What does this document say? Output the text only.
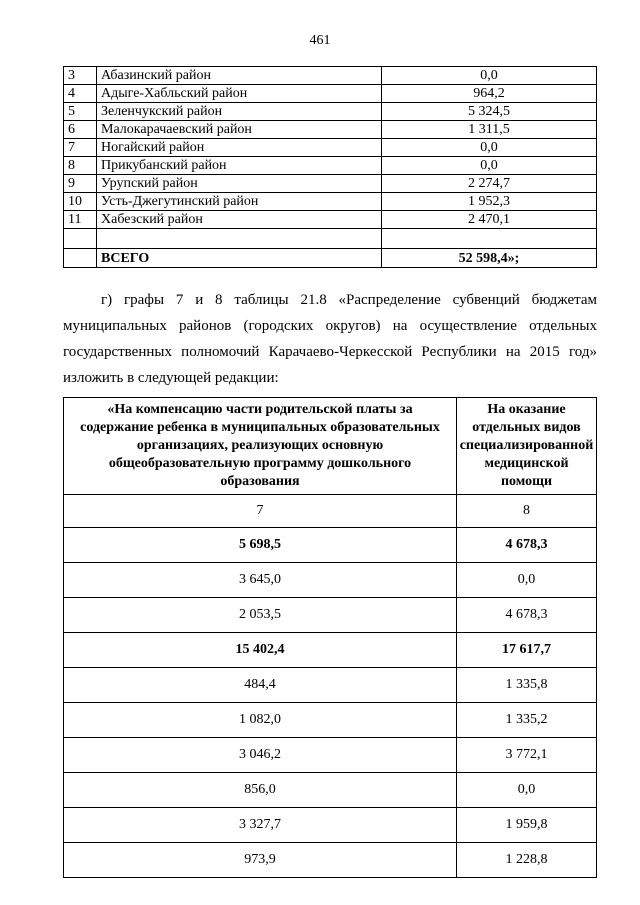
461
3	Абазинский район	0,0
4	Адыге-Хабльский район	964,2
5	Зеленчукский район	5 324,5
6	Малокарачаевский район	1 311,5
7	Ногайский район	0,0
8	Прикубанский район	0,0
9	Урупский район	2 274,7
10	Усть-Джегутинский район	1 952,3
11	Хабезский район	2 470,1

	ВСЕГО	52 598,4»;
г) графы 7 и 8 таблицы 21.8 «Распределение субвенций бюджетам
муниципальных районов (городских округов) на осуществление отдельных
государственных полномочий Карачаево-Черкесской Республики на 2015 год»
изложить в следующей редакции:
«На компенсацию части родительской платы за содержание ребенка в муниципальных образовательных организациях, реализующих основную общеобразовательную программу дошкольного образования	На оказание отдельных видов специализированной медицинской помощи
7	8
5 698,5	4 678,3
3 645,0	0,0
2 053,5	4 678,3
15 402,4	17 617,7
484,4	1 335,8
1 082,0	1 335,2
3 046,2	3 772,1
856,0	0,0
3 327,7	1 959,8
973,9	1 228,8
